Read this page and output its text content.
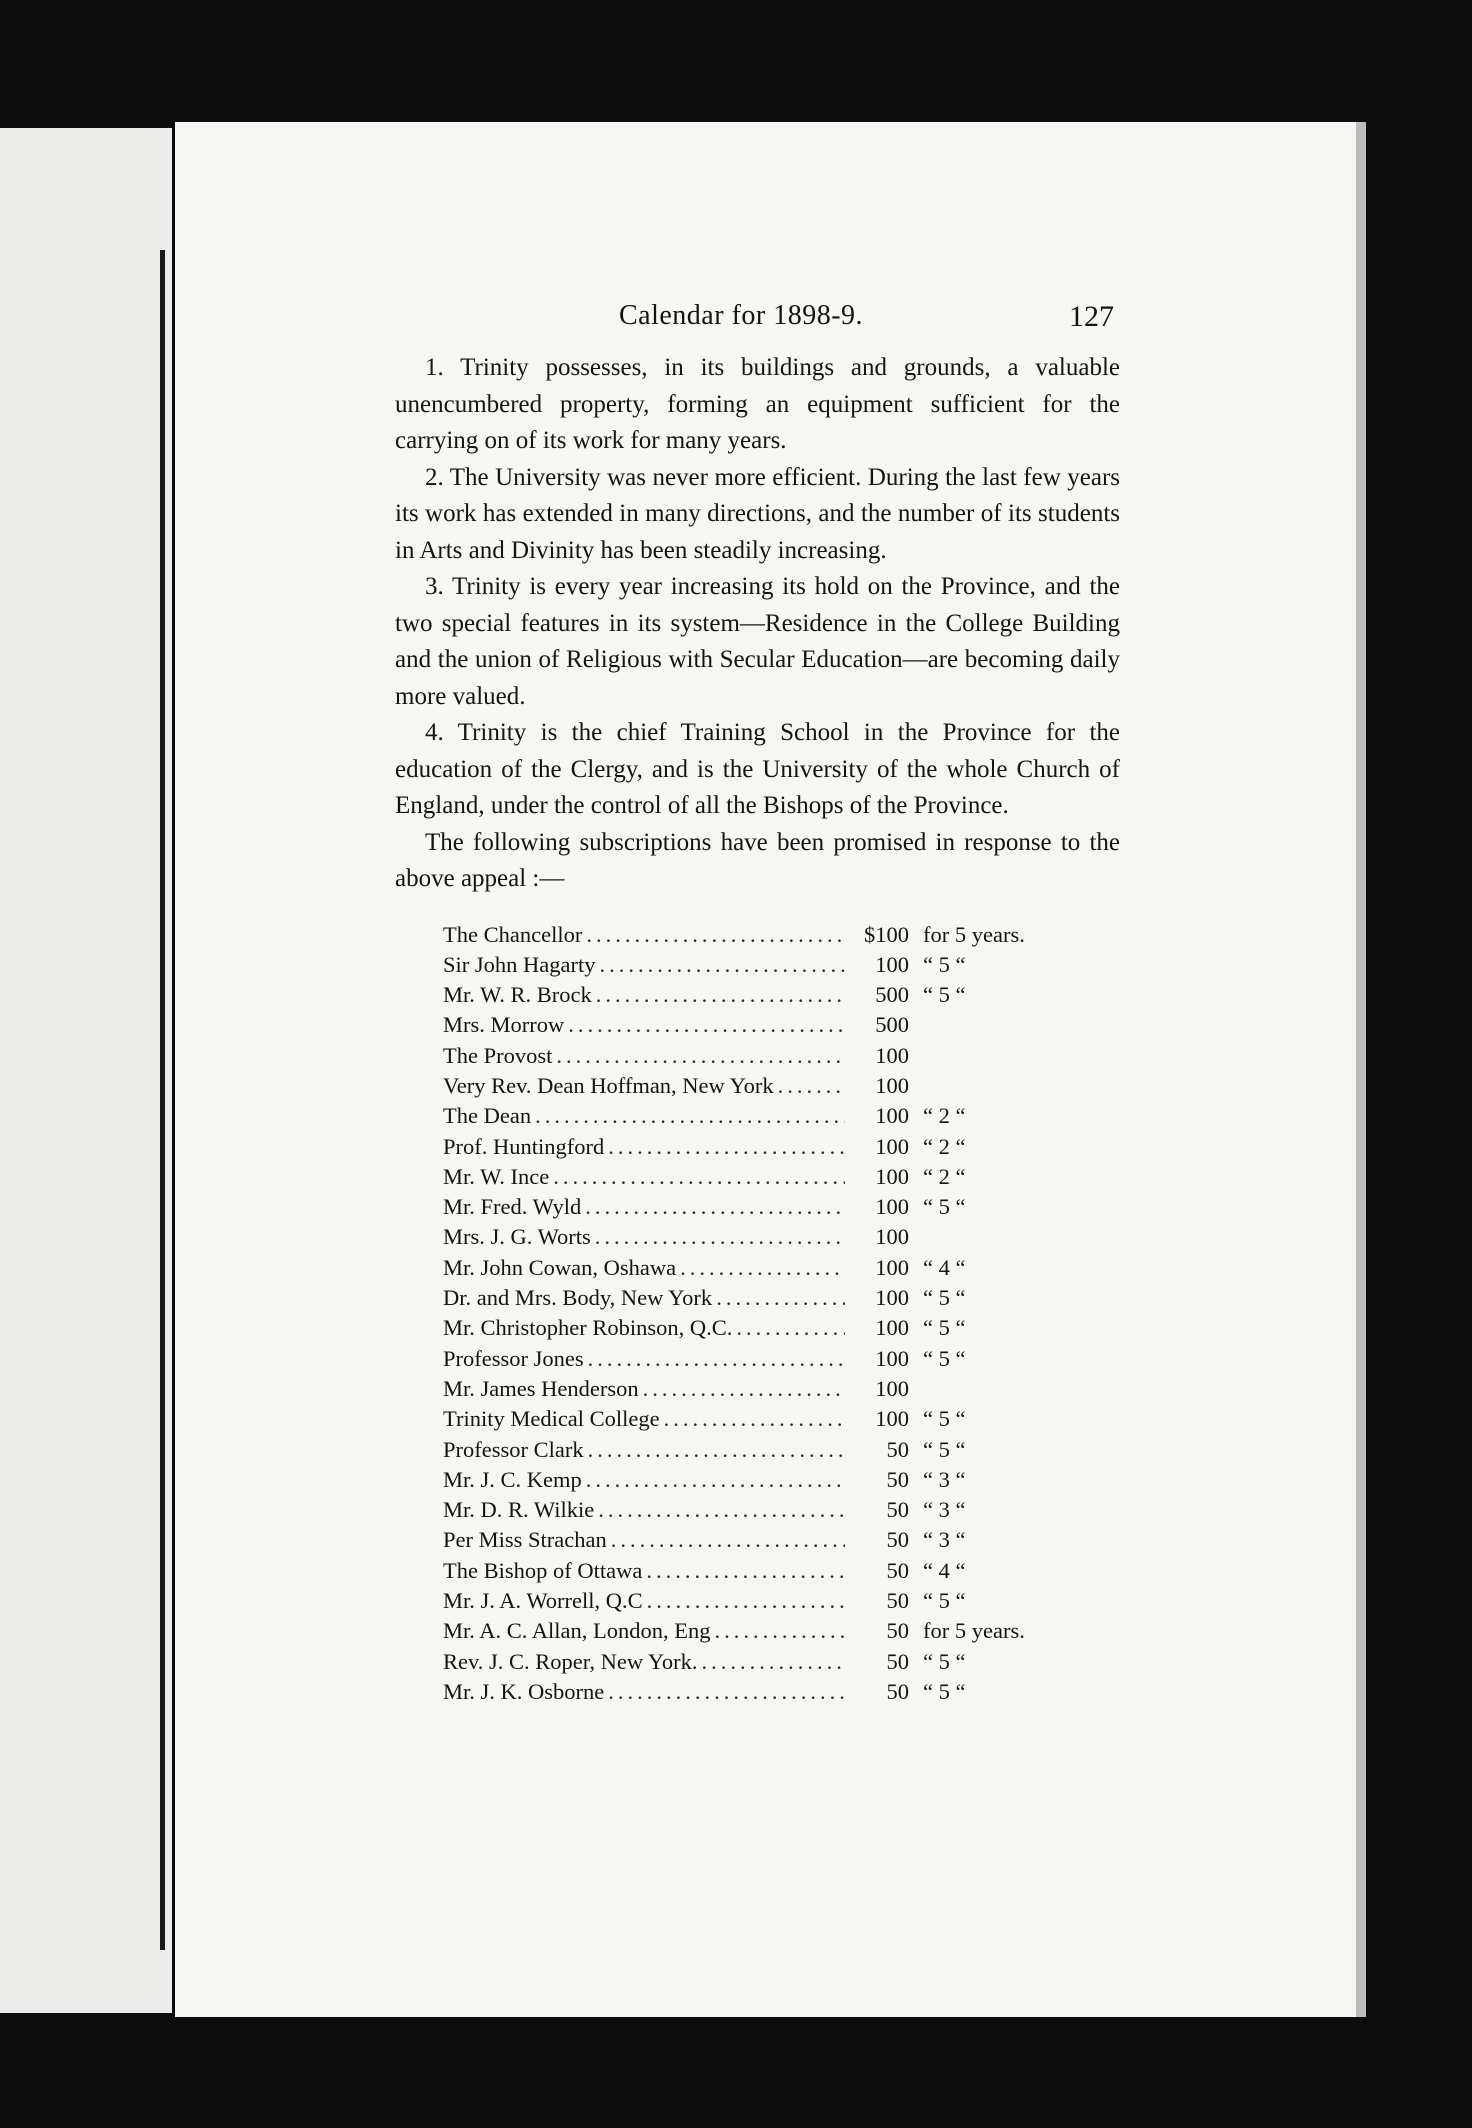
Calendar for 1898-9.	127

1. Trinity possesses, in its buildings and grounds, a valuable unencumbered property, forming an equipment sufficient for the carrying on of its work for many years.

2. The University was never more efficient. During the last few years its work has extended in many directions, and the number of its students in Arts and Divinity has been steadily increasing.

3. Trinity is every year increasing its hold on the Province, and the two special features in its system—Residence in the College Building and the union of Religious with Secular Education—are becoming daily more valued.

4. Trinity is the chief Training School in the Province for the education of the Clergy, and is the University of the whole Church of England, under the control of all the Bishops of the Province.

The following subscriptions have been promised in response to the above appeal :—

The Chancellor .....	$100 for 5 years.
Sir John Hagarty .....	100 “ 5 “
Mr. W. R. Brock .....	500 “ 5 “
Mrs. Morrow .....	500
The Provost .....	100
Very Rev. Dean Hoffman, New York .....	100
The Dean .....	100 “ 2 “
Prof. Huntingford .....	100 “ 2 “
Mr. W. Ince .....	100 “ 2 “
Mr. Fred. Wyld .....	100 “ 5 “
Mrs. J. G. Worts .....	100
Mr. John Cowan, Oshawa .....	100 “ 4 “
Dr. and Mrs. Body, New York .....	100 “ 5 “
Mr. Christopher Robinson, Q.C. .....	100 “ 5 “
Professor Jones .....	100 “ 5 “
Mr. James Henderson .....	100
Trinity Medical College .....	100 “ 5 “
Professor Clark .....	50 “ 5 “
Mr. J. C. Kemp .....	50 “ 3 “
Mr. D. R. Wilkie .....	50 “ 3 “
Per Miss Strachan .....	50 “ 3 “
The Bishop of Ottawa .....	50 “ 4 “
Mr. J. A. Worrell, Q.C .....	50 “ 5 “
Mr. A. C. Allan, London, Eng .....	50 for 5 years.
Rev. J. C. Roper, New York. .....	50 “ 5 “
Mr. J. K. Osborne .....	50 “ 5 “
